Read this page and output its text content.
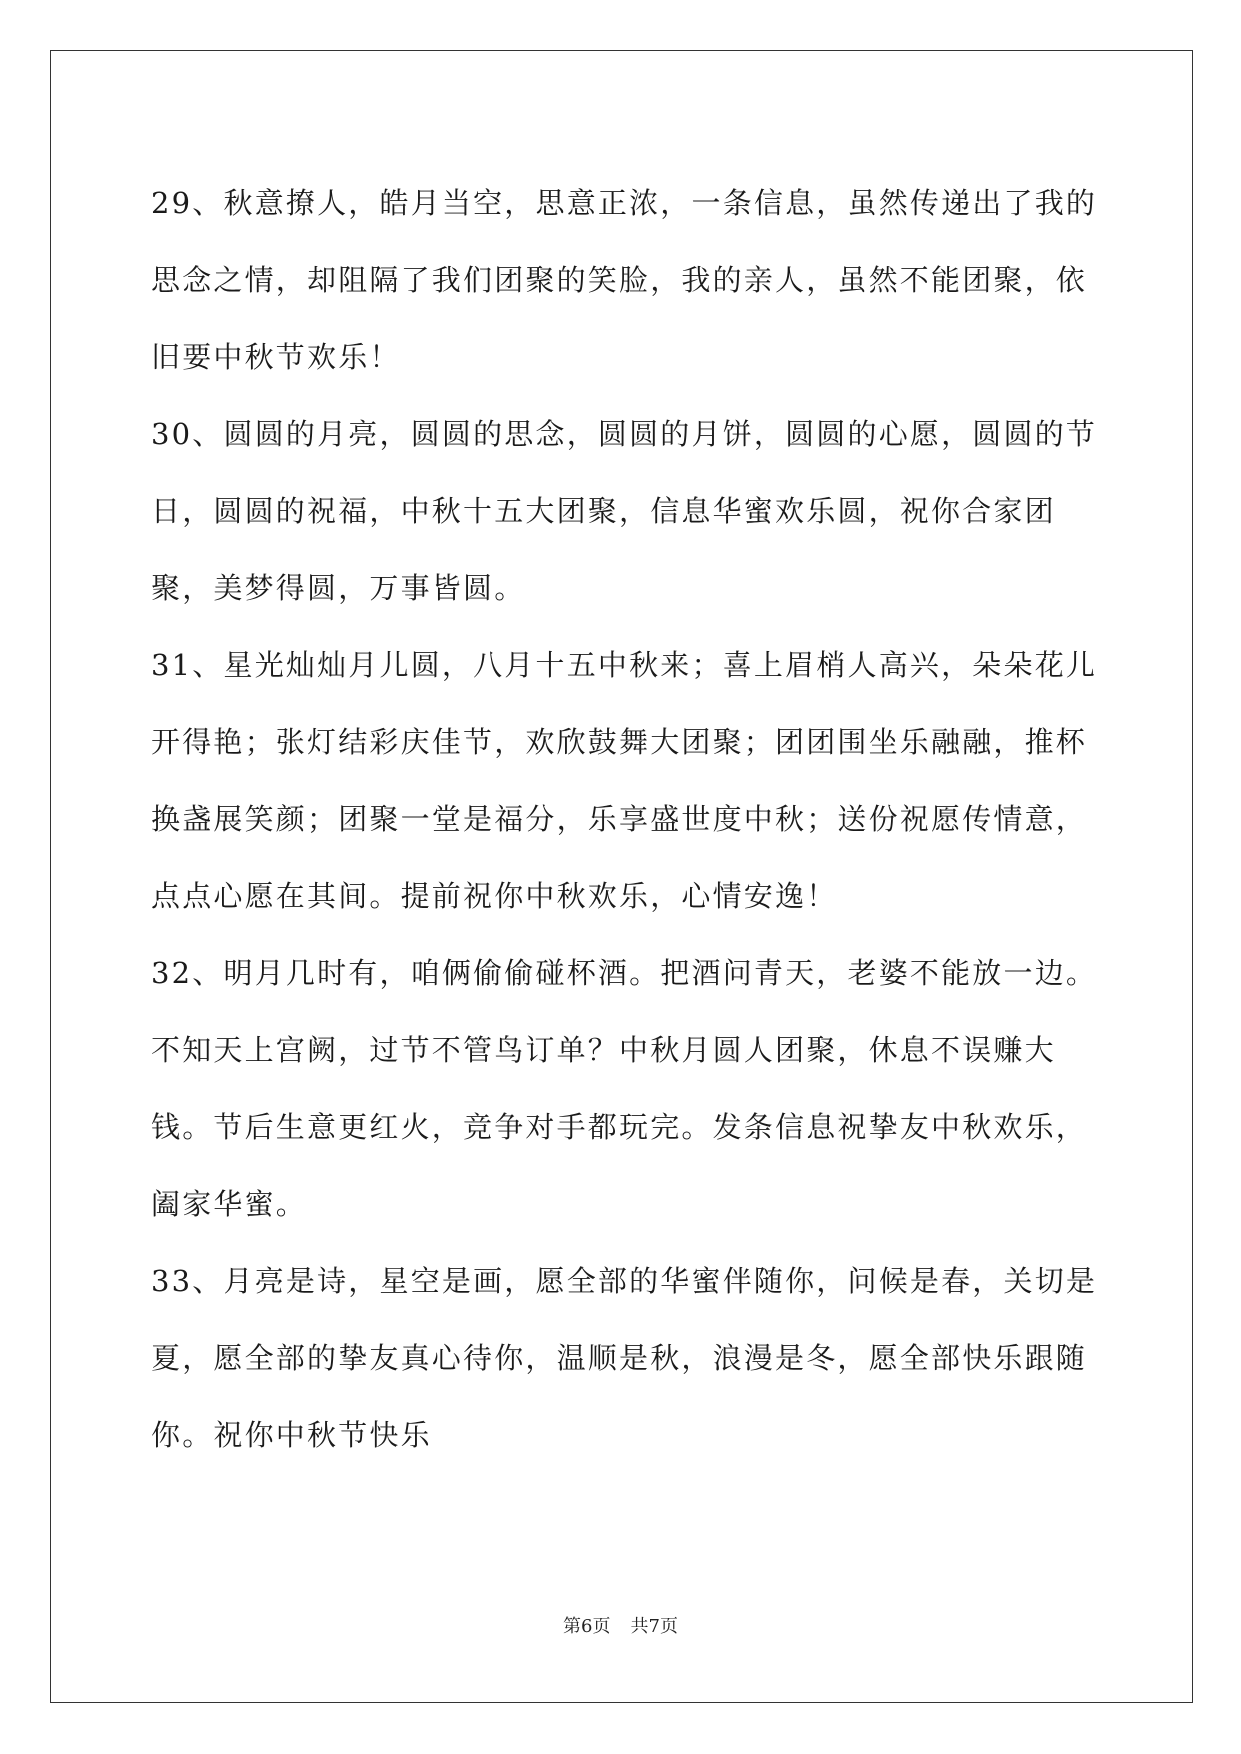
29、秋意撩人，皓月当空，思意正浓，一条信息，虽然传递出了我的思念之情，却阻隔了我们团聚的笑脸，我的亲人，虽然不能团聚，依旧要中秋节欢乐！

30、圆圆的月亮，圆圆的思念，圆圆的月饼，圆圆的心愿，圆圆的节日，圆圆的祝福，中秋十五大团聚，信息华蜜欢乐圆，祝你合家团聚，美梦得圆，万事皆圆。

31、星光灿灿月儿圆，八月十五中秋来；喜上眉梢人高兴，朵朵花儿开得艳；张灯结彩庆佳节，欢欣鼓舞大团聚；团团围坐乐融融，推杯换盏展笑颜；团聚一堂是福分，乐享盛世度中秋；送份祝愿传情意，点点心愿在其间。提前祝你中秋欢乐，心情安逸！

32、明月几时有，咱俩偷偷碰杯酒。把酒问青天，老婆不能放一边。不知天上宫阙，过节不管鸟订单？中秋月圆人团聚，休息不误赚大钱。节后生意更红火，竞争对手都玩完。发条信息祝挚友中秋欢乐，阖家华蜜。

33、月亮是诗，星空是画，愿全部的华蜜伴随你，问候是春，关切是夏，愿全部的挚友真心待你，温顺是秋，浪漫是冬，愿全部快乐跟随你。祝你中秋节快乐

第6页 共7页
